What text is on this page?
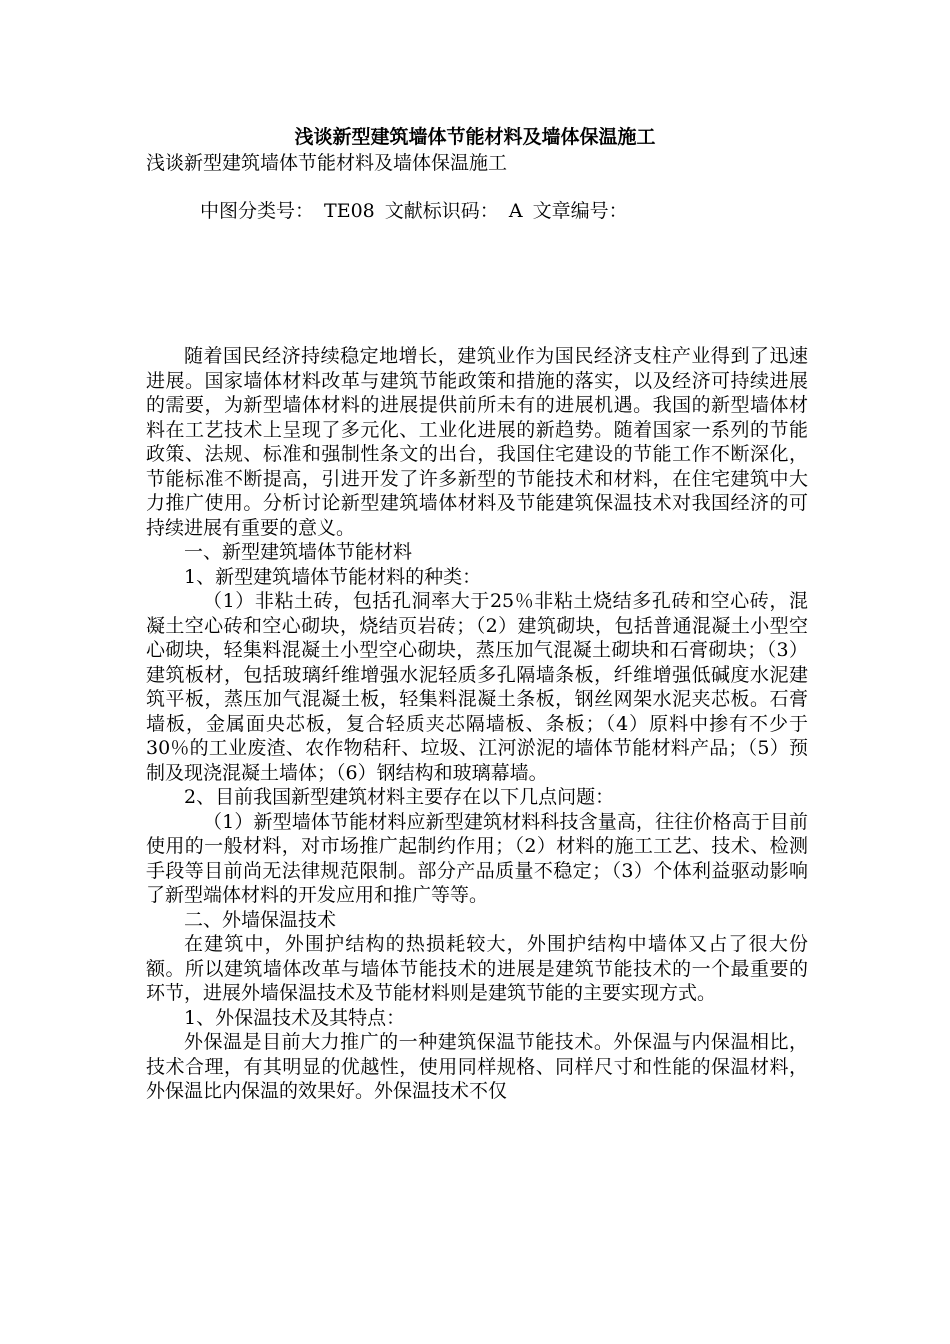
浅谈新型建筑墙体节能材料及墙体保温施工
浅谈新型建筑墙体节能材料及墙体保温施工
中图分类号： TE08 文献标识码： A 文章编号：

随着国民经济持续稳定地增长，建筑业作为国民经济支柱产业得到了迅速进展。国家墙体材料改革与建筑节能政策和措施的落实，以及经济可持续进展的需要，为新型墙体材料的进展提供前所未有的进展机遇。我国的新型墙体材料在工艺技术上呈现了多元化、工业化进展的新趋势。随着国家一系列的节能政策、法规、标准和强制性条文的出台，我国住宅建设的节能工作不断深化，节能标准不断提高，引进开发了许多新型的节能技术和材料，在住宅建筑中大力推广使用。分析讨论新型建筑墙体材料及节能建筑保温技术对我国经济的可持续进展有重要的意义。

一、新型建筑墙体节能材料

1、新型建筑墙体节能材料的种类：

（1）非粘土砖，包括孔洞率大于25％非粘土烧结多孔砖和空心砖，混凝土空心砖和空心砌块，烧结页岩砖；（2）建筑砌块，包括普通混凝土小型空心砌块，轻集料混凝土小型空心砌块，蒸压加气混凝土砌块和石膏砌块；（3）建筑板材，包括玻璃纤维增强水泥轻质多孔隔墙条板，纤维增强低碱度水泥建筑平板，蒸压加气混凝土板，轻集料混凝土条板，钢丝网架水泥夹芯板。石膏墙板，金属面央芯板，复合轻质夹芯隔墙板、条板；（4）原料中掺有不少于30％的工业废渣、农作物秸秆、垃圾、江河淤泥的墙体节能材料产品；（5）预制及现浇混凝土墙体；（6）钢结构和玻璃幕墙。

2、目前我国新型建筑材料主要存在以下几点问题：

（1）新型墙体节能材料应新型建筑材料科技含量高，往往价格高于目前使用的一般材料，对市场推广起制约作用；（2）材料的施工工艺、技术、检测手段等目前尚无法律规范限制。部分产品质量不稳定；（3）个体利益驱动影响了新型端体材料的开发应用和推广等等。

二、外墙保温技术

在建筑中，外围护结构的热损耗较大，外围护结构中墙体又占了很大份额。所以建筑墙体改革与墙体节能技术的进展是建筑节能技术的一个最重要的环节，进展外墙保温技术及节能材料则是建筑节能的主要实现方式。

1、外保温技术及其特点：

外保温是目前大力推广的一种建筑保温节能技术。外保温与内保温相比，技术合理，有其明显的优越性，使用同样规格、同样尺寸和性能的保温材料，外保温比内保温的效果好。外保温技术不仅
